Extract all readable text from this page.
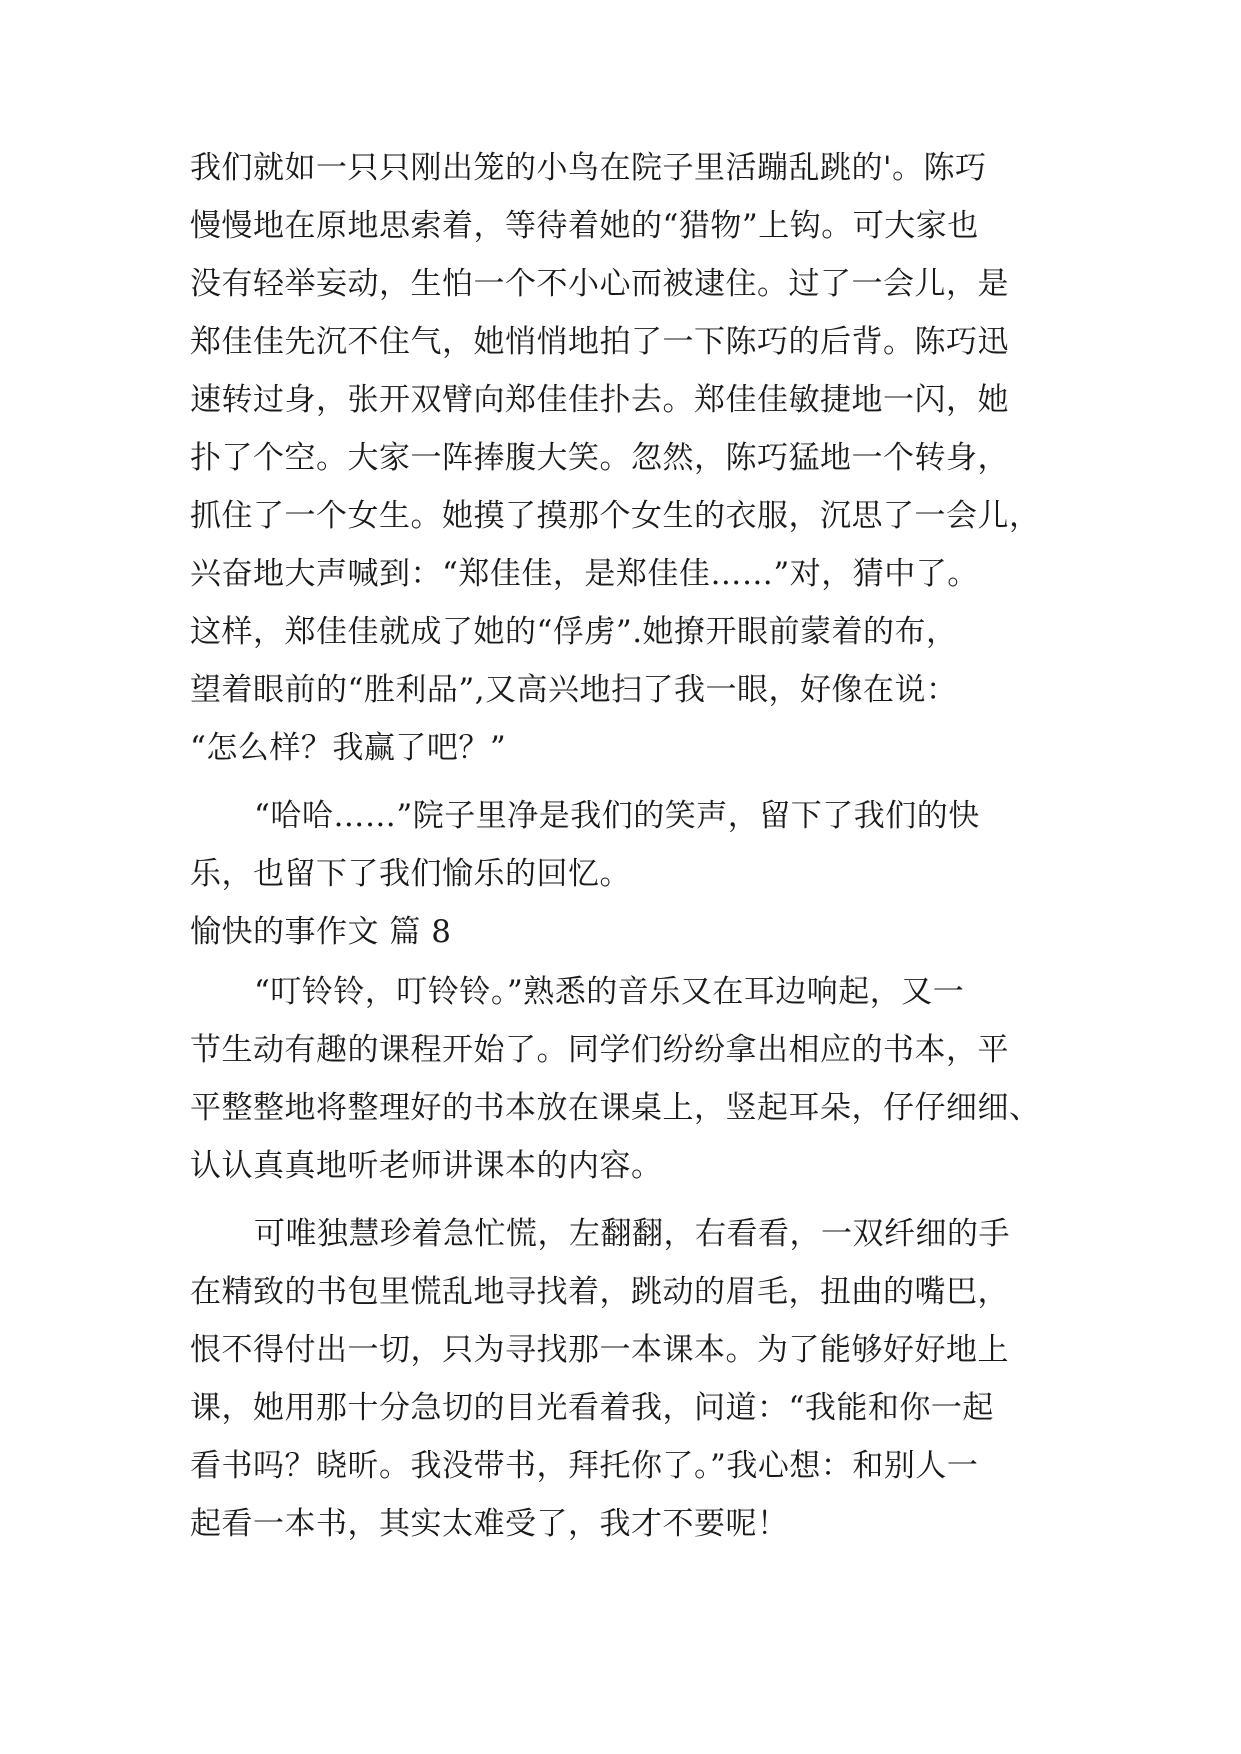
我们就如一只只刚出笼的小鸟在院子里活蹦乱跳的'。陈巧
慢慢地在原地思索着，等待着她的“猎物”上钩。可大家也
没有轻举妄动，生怕一个不小心而被逮住。过了一会儿，是
郑佳佳先沉不住气，她悄悄地拍了一下陈巧的后背。陈巧迅
速转过身，张开双臂向郑佳佳扑去。郑佳佳敏捷地一闪，她
扑了个空。大家一阵捧腹大笑。忽然，陈巧猛地一个转身，
抓住了一个女生。她摸了摸那个女生的衣服，沉思了一会儿，
兴奋地大声喊到：“郑佳佳，是郑佳佳……”对，猜中了。
这样，郑佳佳就成了她的“俘虏”.她撩开眼前蒙着的布，
望着眼前的“胜利品”,又高兴地扫了我一眼，好像在说：
“怎么样？我赢了吧？”
“哈哈……”院子里净是我们的笑声，留下了我们的快
乐，也留下了我们愉乐的回忆。
愉快的事作文 篇 8
“叮铃铃，叮铃铃。”熟悉的音乐又在耳边响起，又一
节生动有趣的课程开始了。同学们纷纷拿出相应的书本，平
平整整地将整理好的书本放在课桌上，竖起耳朵，仔仔细细、
认认真真地听老师讲课本的内容。
可唯独慧珍着急忙慌，左翻翻，右看看，一双纤细的手
在精致的书包里慌乱地寻找着，跳动的眉毛，扭曲的嘴巴，
恨不得付出一切，只为寻找那一本课本。为了能够好好地上
课，她用那十分急切的目光看着我，问道：“我能和你一起
看书吗？晓昕。我没带书，拜托你了。”我心想：和别人一
起看一本书，其实太难受了，我才不要呢！
